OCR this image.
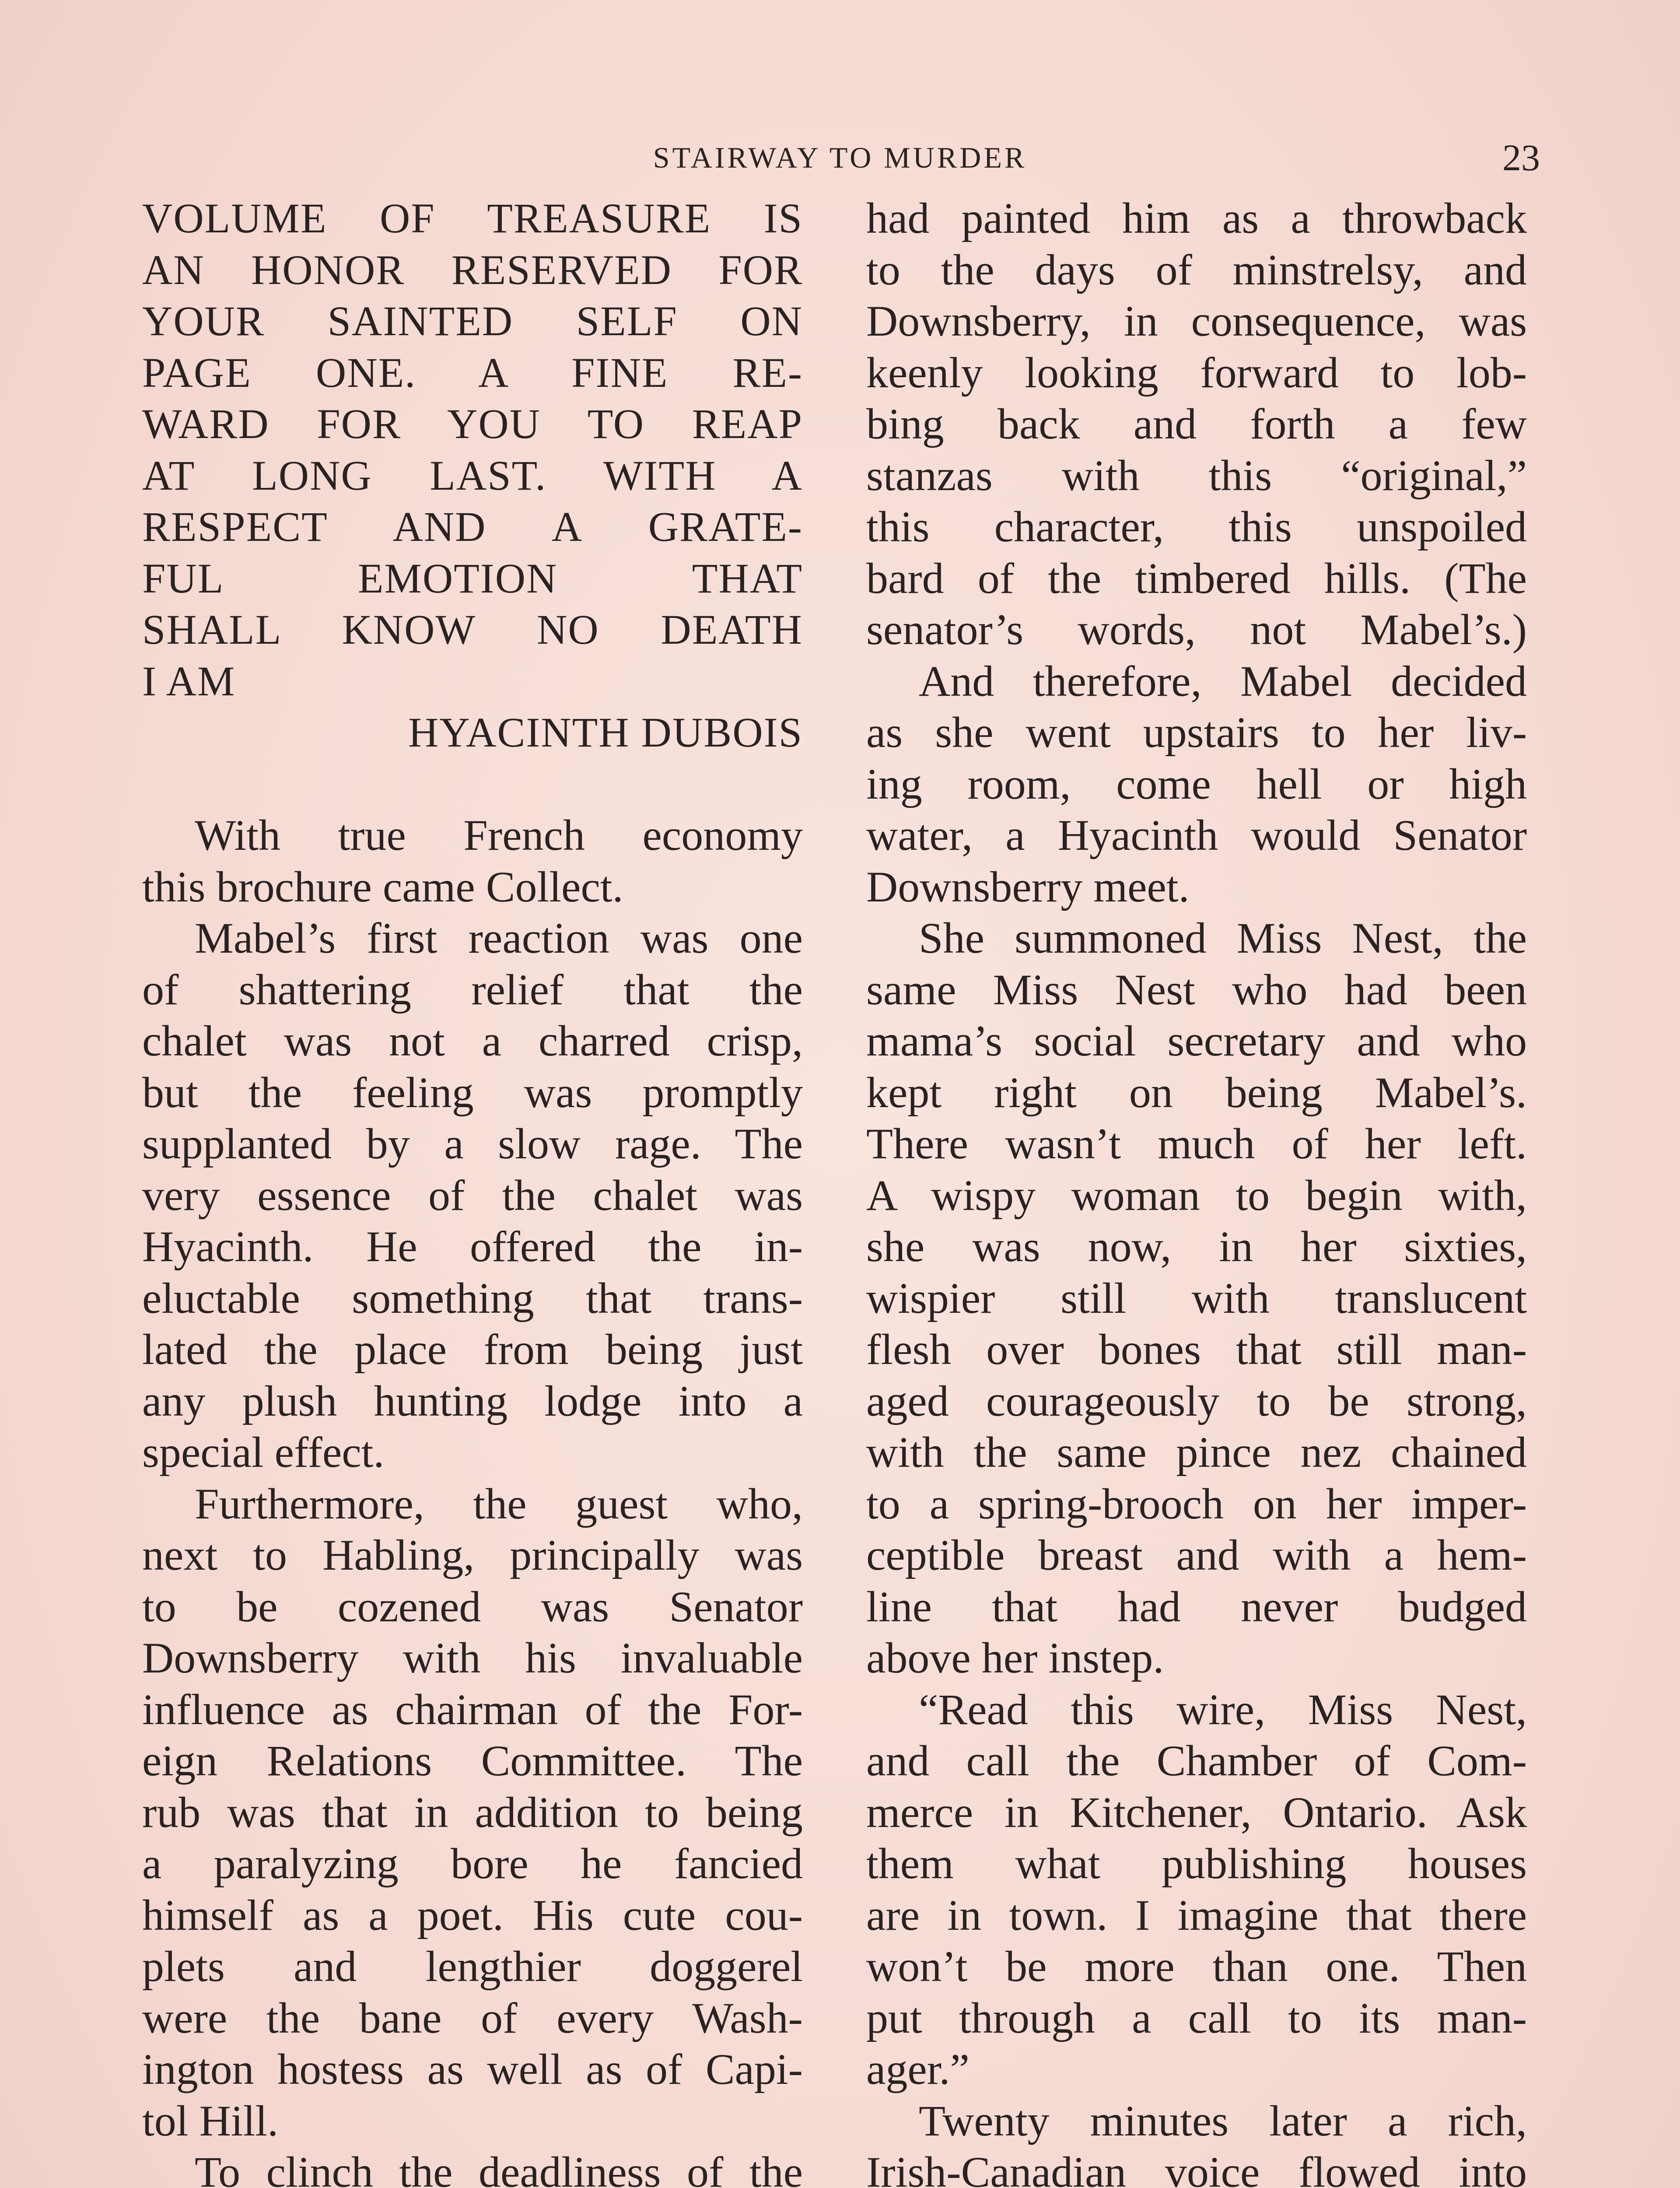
STAIRWAY TO MURDER	23
VOLUME OF TREASURE IS
AN HONOR RESERVED FOR
YOUR SAINTED SELF ON
PAGE ONE. A FINE RE-
WARD FOR YOU TO REAP
AT LONG LAST. WITH A
RESPECT AND A GRATE-
FUL EMOTION THAT
SHALL KNOW NO DEATH
I AM
HYACINTH DUBOIS
With true French economy
this brochure came Collect.
Mabel’s first reaction was one
of shattering relief that the
chalet was not a charred crisp,
but the feeling was promptly
supplanted by a slow rage. The
very essence of the chalet was
Hyacinth. He offered the in-
eluctable something that trans-
lated the place from being just
any plush hunting lodge into a
special effect.
Furthermore, the guest who,
next to Habling, principally was
to be cozened was Senator
Downsberry with his invaluable
influence as chairman of the For-
eign Relations Committee. The
rub was that in addition to being
a paralyzing bore he fancied
himself as a poet. His cute cou-
plets and lengthier doggerel
were the bane of every Wash-
ington hostess as well as of Capi-
tol Hill.
To clinch the deadliness of the
had painted him as a throwback
to the days of minstrelsy, and
Downsberry, in consequence, was
keenly looking forward to lob-
bing back and forth a few
stanzas with this “original,”
this character, this unspoiled
bard of the timbered hills. (The
senator’s words, not Mabel’s.)
And therefore, Mabel decided
as she went upstairs to her liv-
ing room, come hell or high
water, a Hyacinth would Senator
Downsberry meet.
She summoned Miss Nest, the
same Miss Nest who had been
mama’s social secretary and who
kept right on being Mabel’s.
There wasn’t much of her left.
A wispy woman to begin with,
she was now, in her sixties,
wispier still with translucent
flesh over bones that still man-
aged courageously to be strong,
with the same pince nez chained
to a spring-brooch on her imper-
ceptible breast and with a hem-
line that had never budged
above her instep.
“Read this wire, Miss Nest,
and call the Chamber of Com-
merce in Kitchener, Ontario. Ask
them what publishing houses
are in town. I imagine that there
won’t be more than one. Then
put through a call to its man-
ager.”
Twenty minutes later a rich,
Irish-Canadian voice flowed into
